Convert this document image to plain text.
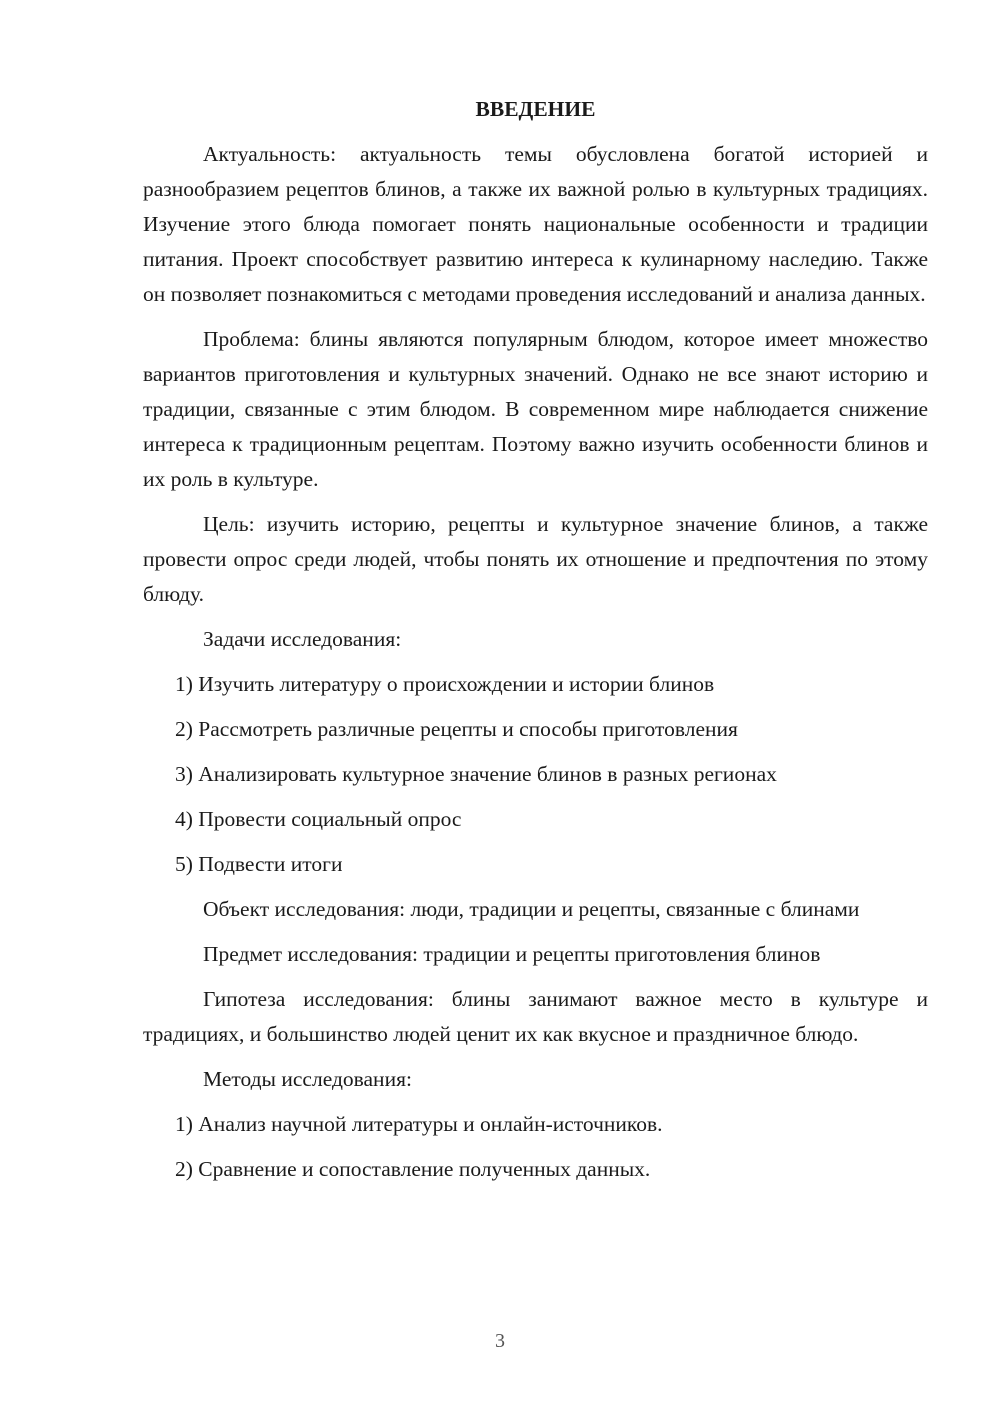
ВВЕДЕНИЕ

Актуальность: актуальность темы обусловлена богатой историей и разнообразием рецептов блинов, а также их важной ролью в культурных традициях. Изучение этого блюда помогает понять национальные особенности и традиции питания. Проект способствует развитию интереса к кулинарному наследию. Также он позволяет познакомиться с методами проведения исследований и анализа данных.

Проблема: блины являются популярным блюдом, которое имеет множество вариантов приготовления и культурных значений. Однако не все знают историю и традиции, связанные с этим блюдом. В современном мире наблюдается снижение интереса к традиционным рецептам. Поэтому важно изучить особенности блинов и их роль в культуре.

Цель: изучить историю, рецепты и культурное значение блинов, а также провести опрос среди людей, чтобы понять их отношение и предпочтения по этому блюду.

Задачи исследования:

1) Изучить литературу о происхождении и истории блинов

2) Рассмотреть различные рецепты и способы приготовления

3) Анализировать культурное значение блинов в разных регионах

4) Провести социальный опрос

5) Подвести итоги

Объект исследования: люди, традиции и рецепты, связанные с блинами

Предмет исследования: традиции и рецепты приготовления блинов

Гипотеза исследования: блины занимают важное место в культуре и традициях, и большинство людей ценит их как вкусное и праздничное блюдо.

Методы исследования:

1) Анализ научной литературы и онлайн-источников.

2) Сравнение и сопоставление полученных данных.

3
